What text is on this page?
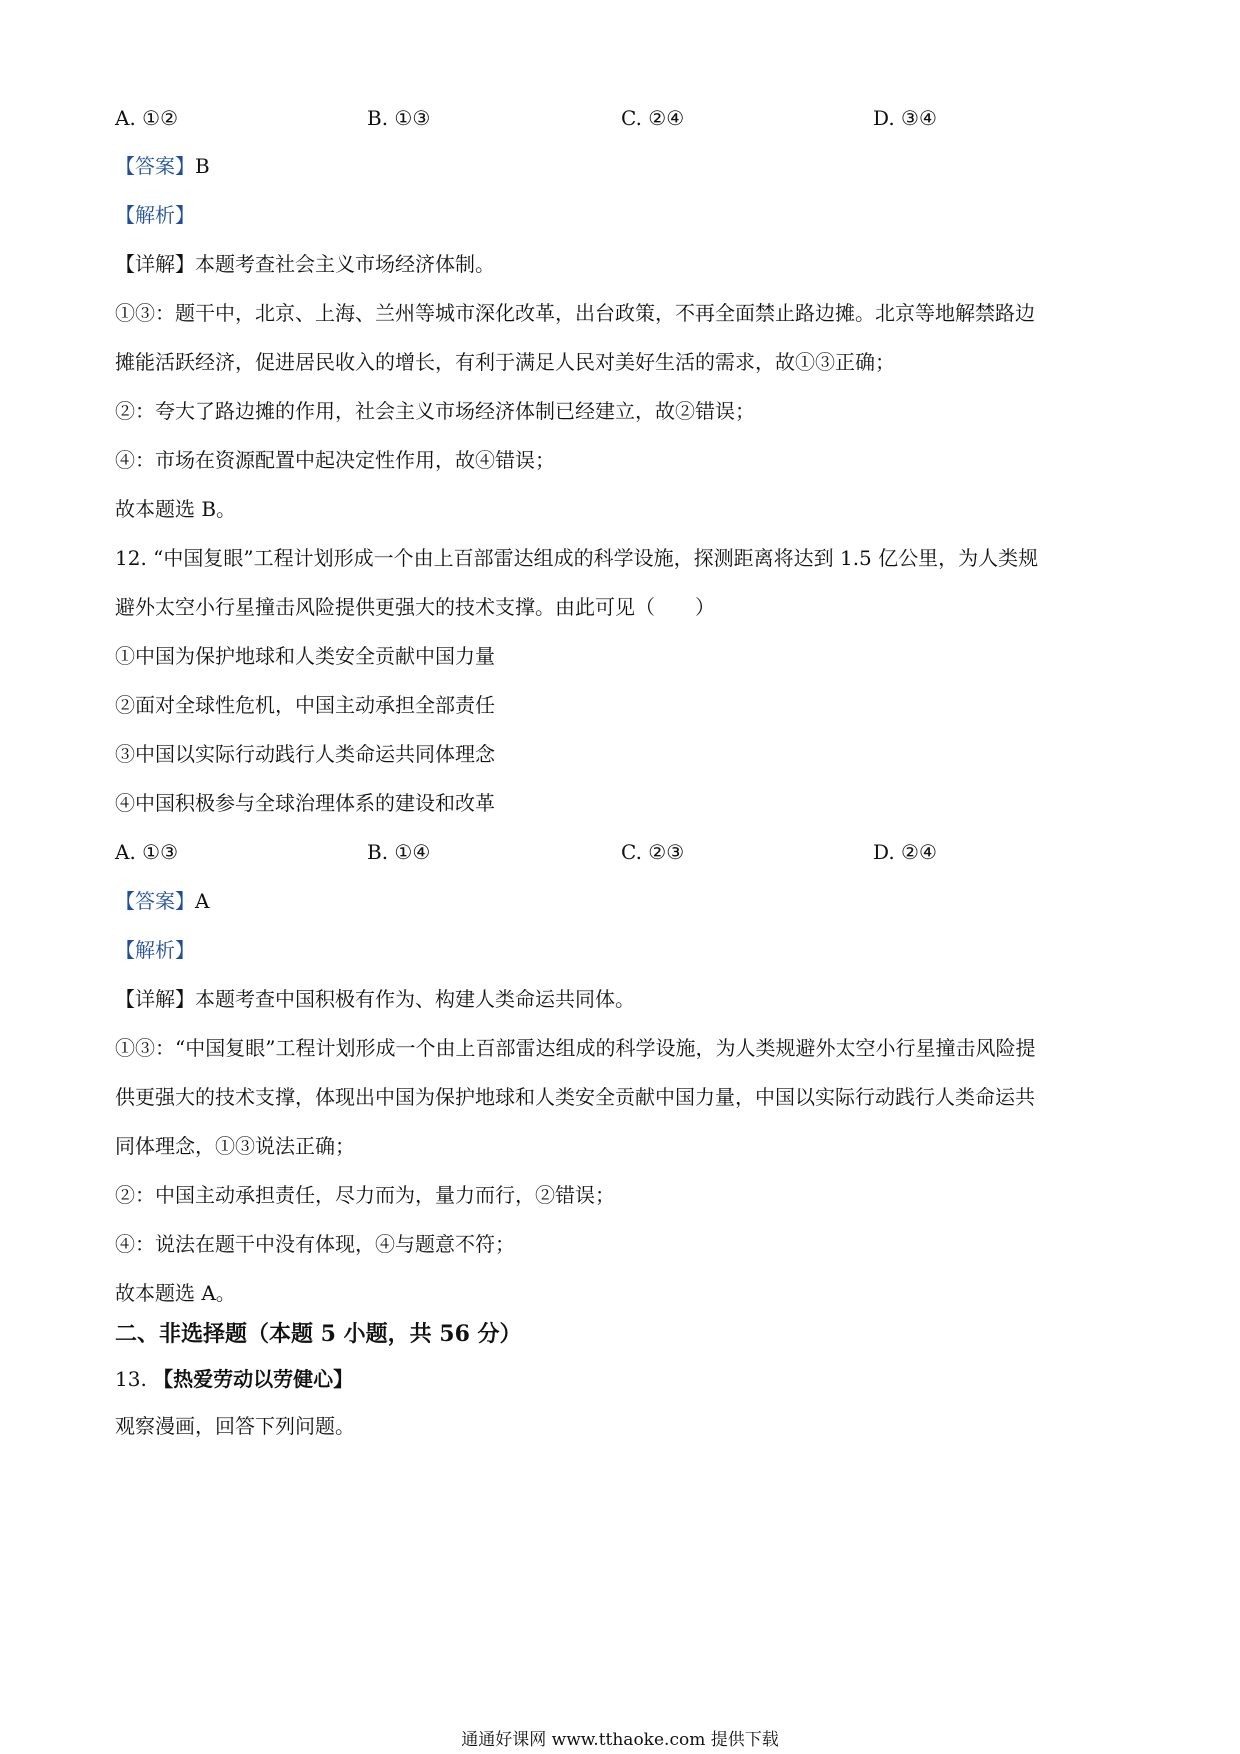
A. ①②	B. ①③	C. ②④	D. ③④
【答案】B
【解析】
【详解】本题考查社会主义市场经济体制。
①③：题干中，北京、上海、兰州等城市深化改革，出台政策，不再全面禁止路边摊。北京等地解禁路边
摊能活跃经济，促进居民收入的增长，有利于满足人民对美好生活的需求，故①③正确；
②：夸大了路边摊的作用，社会主义市场经济体制已经建立，故②错误；
④：市场在资源配置中起决定性作用，故④错误；
故本题选 B。
12. “中国复眼”工程计划形成一个由上百部雷达组成的科学设施，探测距离将达到 1.5 亿公里，为人类规
避外太空小行星撞击风险提供更强大的技术支撑。由此可见（　　）
①中国为保护地球和人类安全贡献中国力量
②面对全球性危机，中国主动承担全部责任
③中国以实际行动践行人类命运共同体理念
④中国积极参与全球治理体系的建设和改革
A. ①③	B. ①④	C. ②③	D. ②④
【答案】A
【解析】
【详解】本题考查中国积极有作为、构建人类命运共同体。
①③：“中国复眼”工程计划形成一个由上百部雷达组成的科学设施，为人类规避外太空小行星撞击风险提
供更强大的技术支撑，体现出中国为保护地球和人类安全贡献中国力量，中国以实际行动践行人类命运共
同体理念，①③说法正确；
②：中国主动承担责任，尽力而为，量力而行，②错误；
④：说法在题干中没有体现，④与题意不符；
故本题选 A。
二、非选择题（本题 5 小题，共 56 分）
13. 【热爱劳动以劳健心】
观察漫画，回答下列问题。
通通好课网 www.tthaoke.com 提供下载
